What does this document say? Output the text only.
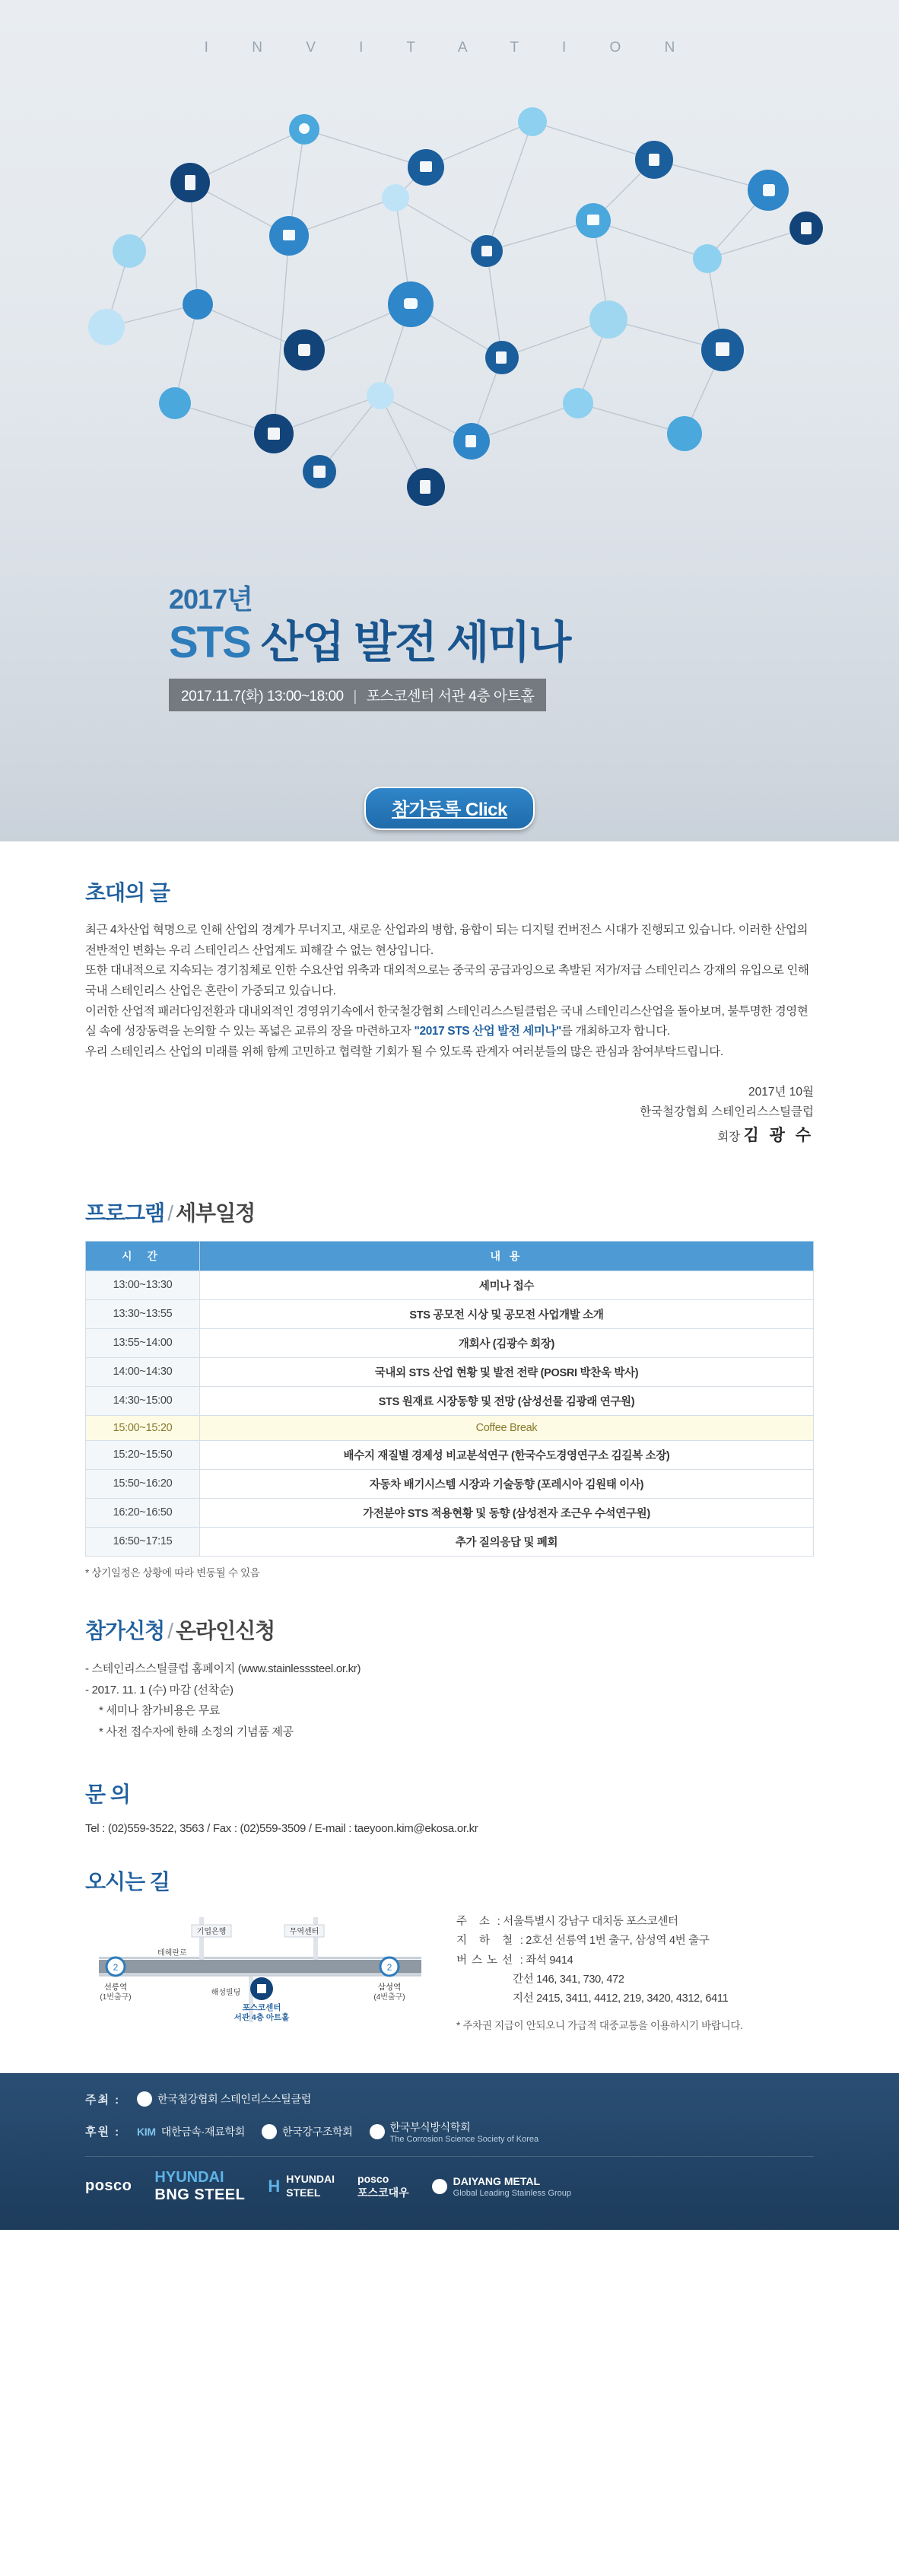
I N V I T A T I O N
2017년
STS 산업 발전 세미나
2017.11.7(화) 13:00~18:00 | 포스코센터 서관 4층 아트홀
참가등록 Click
초대의 글

최근 4차산업 혁명으로 인해 산업의 경계가 무너지고, 새로운 산업과의 병합, 융합이 되는 디지털 컨버전스 시대가 진행되고 있습니다. 이러한 산업의 전반적인 변화는 우리 스테인리스 산업계도 피해갈 수 없는 현상입니다.

또한 대내적으로 지속되는 경기침체로 인한 수요산업 위축과 대외적으로는 중국의 공급과잉으로 촉발된 저가/저급 스테인리스 강재의 유입으로 인해 국내 스테인리스 산업은 혼란이 가중되고 있습니다.

이러한 산업적 패러다임전환과 대내외적인 경영위기속에서 한국철강협회 스테인리스스틸클럽은 국내 스테인리스산업을 돌아보며, 불투명한 경영현실 속에 성장동력을 논의할 수 있는 폭넓은 교류의 장을 마련하고자 "2017 STS 산업 발전 세미나"를 개최하고자 합니다.

우리 스테인리스 산업의 미래를 위해 함께 고민하고 협력할 기회가 될 수 있도록 관계자 여러분들의 많은 관심과 참여부탁드립니다.

2017년 10월
한국철강협회 스테인리스스틸클럽
회장 김 광 수
프로그램 / 세부일정
시 간	내 용
13:00~13:30	세미나 접수
13:30~13:55	STS 공모전 시상 및 공모전 사업개발 소개
13:55~14:00	개회사 (김광수 회장)
14:00~14:30	국내외 STS 산업 현황 및 발전 전략 (POSRI 박찬욱 박사)
14:30~15:00	STS 원재료 시장동향 및 전망 (삼성선물 김광래 연구원)
15:00~15:20	Coffee Break
15:20~15:50	배수지 재질별 경제성 비교분석연구 (한국수도경영연구소 김길복 소장)
15:50~16:20	자동차 배기시스템 시장과 기술동향 (포레시아 김원태 이사)
16:20~16:50	가전분야 STS 적용현황 및 동향 (삼성전자 조근우 수석연구원)
16:50~17:15	추가 질의응답 및 폐회
* 상기일정은 상황에 따라 변동될 수 있음
참가신청 / 온라인신청
- 스테인리스스틸클럽 홈페이지 (www.stainlesssteel.or.kr)
- 2017. 11. 1 (수) 마감 (선착순)
* 세미나 참가비용은 무료
* 사전 접수자에 한해 소정의 기념품 제공
문 의
Tel : (02)559-3522, 3563 / Fax : (02)559-3509 / E-mail : taeyoon.kim@ekosa.or.kr
오시는 길
2	2
테헤란로
기업은행	무역센터
해성빌딩
포스코센터
서관 4층 아트홀
선릉역
(1번출구)
삼성역
(4번출구)
주 소 : 서울특별시 강남구 대치동 포스코센터
지 하 철 : 2호선 선릉역 1번 출구, 삼성역 4번 출구
버스노선 : 좌석 9414
간선 146, 341, 730, 472
지선 2415, 3411, 4412, 219, 3420, 4312, 6411
* 주차권 지급이 안되오니 가급적 대중교통을 이용하시기 바랍니다.
주최 :	한국철강협회 스테인리스스틸클럽
후원 :	KIM 대한금속·재료학회	한국강구조학회	한국부식방식학회
The Corrosion Science Society of Korea
posco
HYUNDAI
BNG STEEL H HYUNDAI
STEEL
posco
포스코대우
DAIYANG METAL

Global Leading Stainless Group
